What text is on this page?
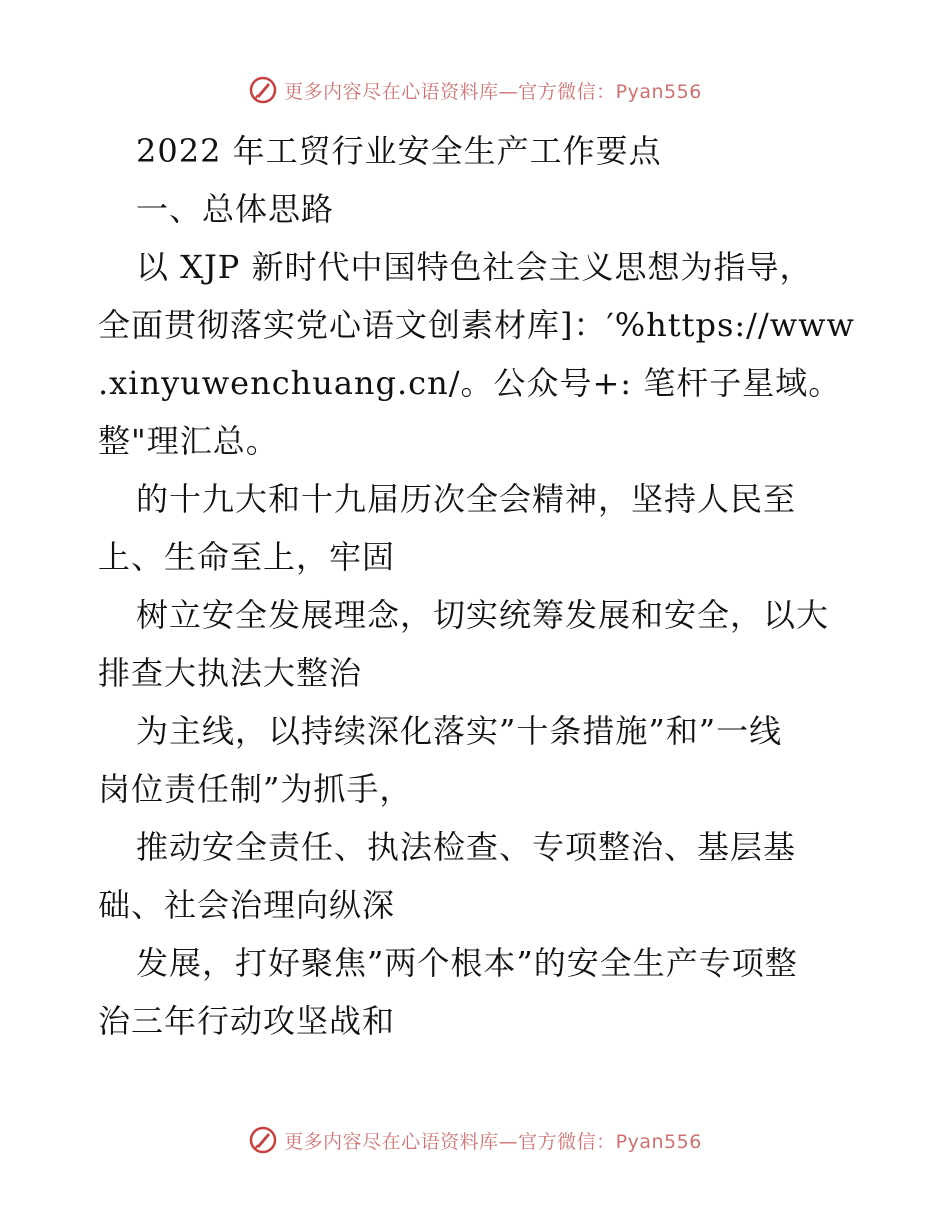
更多内容尽在心语资料库—官方微信：Pyan556
2022 年工贸行业安全生产工作要点
一、总体思路
以 XJP 新时代中国特色社会主义思想为指导，
全面贯彻落实党心语文创素材库]：′%https://www
.xinyuwenchuang.cn/。公众号+: 笔杆子星域。
整"理汇总。
的十九大和十九届历次全会精神，坚持人民至
上、生命至上，牢固
树立安全发展理念，切实统筹发展和安全，以大
排查大执法大整治
为主线，以持续深化落实”十条措施”和”一线
岗位责任制”为抓手，
推动安全责任、执法检查、专项整治、基层基
础、社会治理向纵深
发展，打好聚焦”两个根本”的安全生产专项整
治三年行动攻坚战和
更多内容尽在心语资料库—官方微信：Pyan556
